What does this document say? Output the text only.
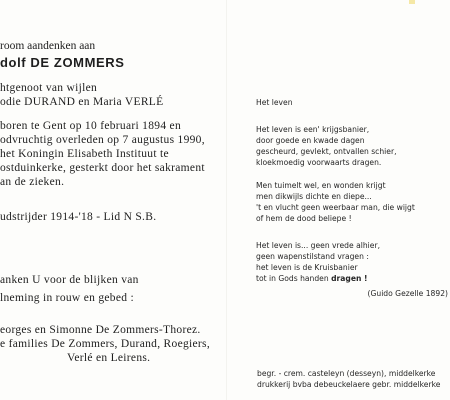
room aandenken aan
dolf DE ZOMMERS
htgenoot van wijlen
odie DURAND en Maria VERLÉ
boren te Gent op 10 februari 1894 en
odvruchtig overleden op 7 augustus 1990,
het Koningin Elisabeth Instituut te
ostduinkerke, gesterkt door het sakrament
an de zieken.
udstrijder 1914-'18 - Lid N S.B.
anken U voor de blijken van
lneming in rouw en gebed :
eorges en Simonne De Zommers-Thorez.
e families De Zommers, Durand, Roegiers,
Verlé en Leirens.
Het leven
Het leven is een' krijgsbanier,
door goede en kwade dagen
gescheurd, gevlekt, ontvallen schier,
kloekmoedig voorwaarts dragen.
Men tuimelt wel, en wonden krijgt
men dikwijls dichte en diepe...
't en vlucht geen weerbaar man, die wijgt
of hem de dood beliepe !
Het leven is... geen vrede alhier,
geen wapenstilstand vragen :
het leven is de Kruisbanier
tot in Gods handen dragen !
(Guido Gezelle 1892)
begr. - crem. casteleyn (desseyn), middelkerke
drukkerij bvba debeuckelaere gebr. middelkerke
